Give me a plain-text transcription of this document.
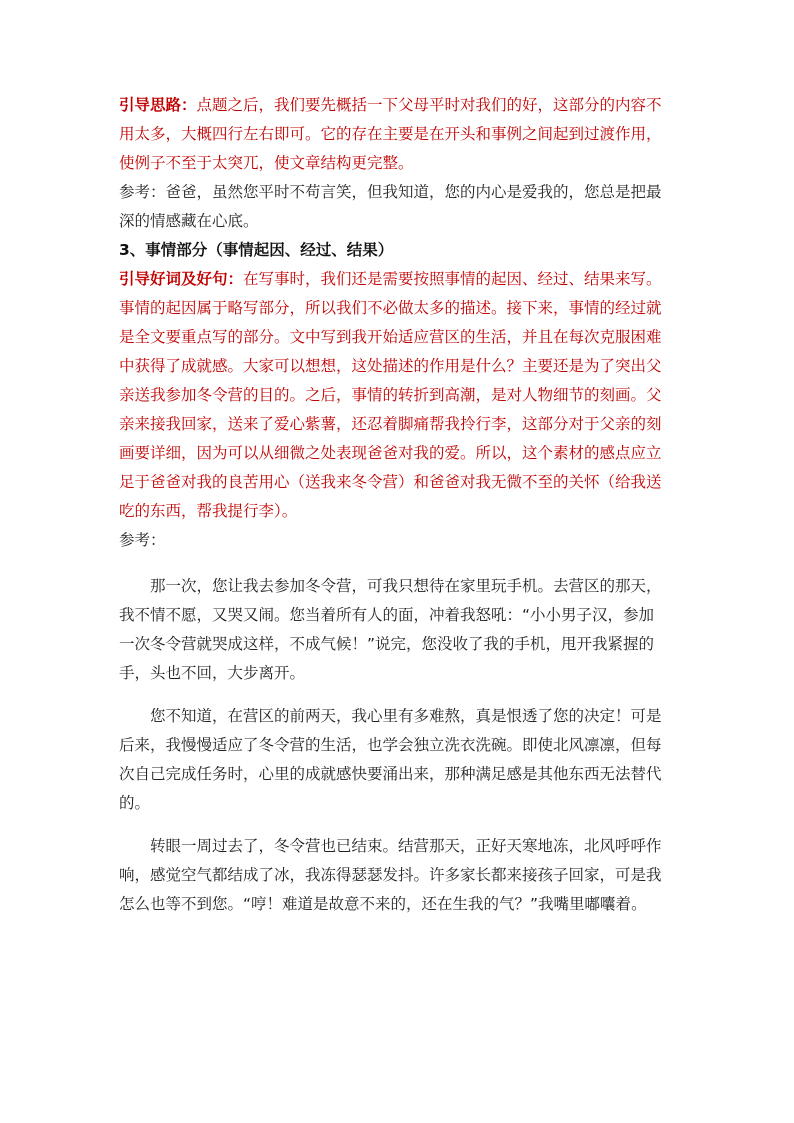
引导思路：点题之后，我们要先概括一下父母平时对我们的好，这部分的内容不
用太多，大概四行左右即可。它的存在主要是在开头和事例之间起到过渡作用，
使例子不至于太突兀，使文章结构更完整。

参考：爸爸，虽然您平时不苟言笑，但我知道，您的内心是爱我的，您总是把最
深的情感藏在心底。

3、事情部分（事情起因、经过、结果）

引导好词及好句：在写事时，我们还是需要按照事情的起因、经过、结果来写。
事情的起因属于略写部分，所以我们不必做太多的描述。接下来，事情的经过就
是全文要重点写的部分。文中写到我开始适应营区的生活，并且在每次克服困难
中获得了成就感。大家可以想想，这处描述的作用是什么？主要还是为了突出父
亲送我参加冬令营的目的。之后，事情的转折到高潮，是对人物细节的刻画。父
亲来接我回家，送来了爱心紫薯，还忍着脚痛帮我拎行李，这部分对于父亲的刻
画要详细，因为可以从细微之处表现爸爸对我的爱。所以，这个素材的感点应立
足于爸爸对我的良苦用心（送我来冬令营）和爸爸对我无微不至的关怀（给我送
吃的东西，帮我提行李）。

参考：

那一次，您让我去参加冬令营，可我只想待在家里玩手机。去营区的那天，
我不情不愿，又哭又闹。您当着所有人的面，冲着我怒吼：“小小男子汉，参加
一次冬令营就哭成这样，不成气候！”说完，您没收了我的手机，甩开我紧握的
手，头也不回，大步离开。

您不知道，在营区的前两天，我心里有多难熬，真是恨透了您的决定！可是
后来，我慢慢适应了冬令营的生活，也学会独立洗衣洗碗。即使北风凛凛，但每
次自己完成任务时，心里的成就感快要涌出来，那种满足感是其他东西无法替代
的。

转眼一周过去了，冬令营也已结束。结营那天，正好天寒地冻，北风呼呼作
响，感觉空气都结成了冰，我冻得瑟瑟发抖。许多家长都来接孩子回家，可是我
怎么也等不到您。“哼！难道是故意不来的，还在生我的气？”我嘴里嘟囔着。
